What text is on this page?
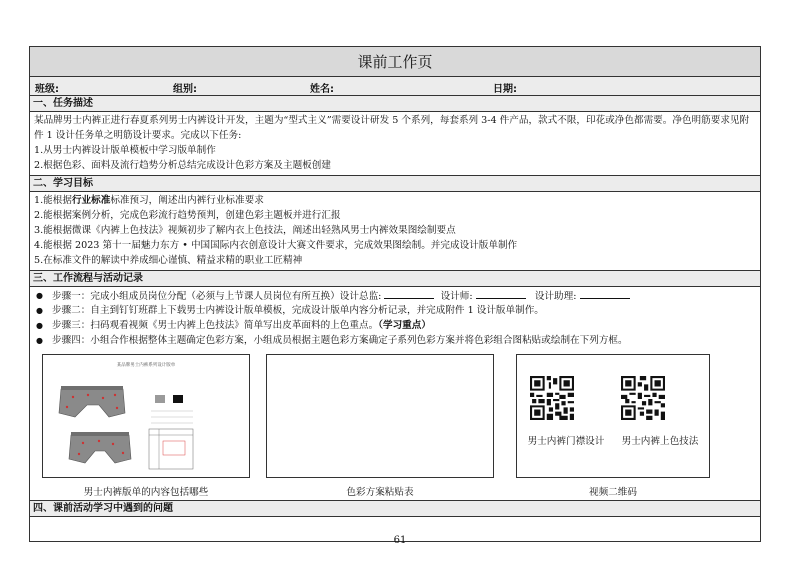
课前工作页
班级:	组别:	姓名:	日期:
一、任务描述
某品牌男士内裤正进行春夏系列男士内裤设计开发，主题为“型式主义”需要设计研发 5 个系列，每套系列 3-4 件产品，款式不限，印花或净色都需要。净色明筋要求见附件 1 设计任务单之明筋设计要求。完成以下任务:
1.从男士内裤设计版单模板中学习版单制作
2.根据色彩、面料及流行趋势分析总结完成设计色彩方案及主题板创建
二、学习目标
1.能根据行业标准标准预习，阐述出内裤行业标准要求
2.能根据案例分析，完成色彩流行趋势预判，创建色彩主题板并进行汇报
3.能根据微课《内裤上色技法》视频初步了解内衣上色技法，阐述出轻熟风男士内裤效果图绘制要点
4.能根据 2023 第十一届魅力东方 • 中国国际内衣创意设计大赛文件要求，完成效果图绘制。并完成设计版单制作
5.在标准文件的解读中养成细心谨慎、精益求精的职业工匠精神
三、工作流程与活动记录
● 步骤一：完成小组成员岗位分配（必须与上节课人员岗位有所互换）设计总监:	设计师:	设计助理:
● 步骤二：自主到钉钉班群上下载男士内裤设计版单模板，完成设计版单内容分析记录，并完成附件 1 设计版单制作。
● 步骤三：扫码观看视频《男士内裤上色技法》简单写出皮革面料的上色重点。（学习重点）
● 步骤四：小组合作根据整体主题确定色彩方案，小组成员根据主题色彩方案确定子系列色彩方案并将色彩组合图粘贴或绘制在下列方框。
某品牌男士内裤系列设计版单
男士内裤版单的内容包括哪些	色彩方案粘贴表
男士内裤门襟设计	男士内裤上色技法
视频二维码
四、课前活动学习中遇到的问题
61
